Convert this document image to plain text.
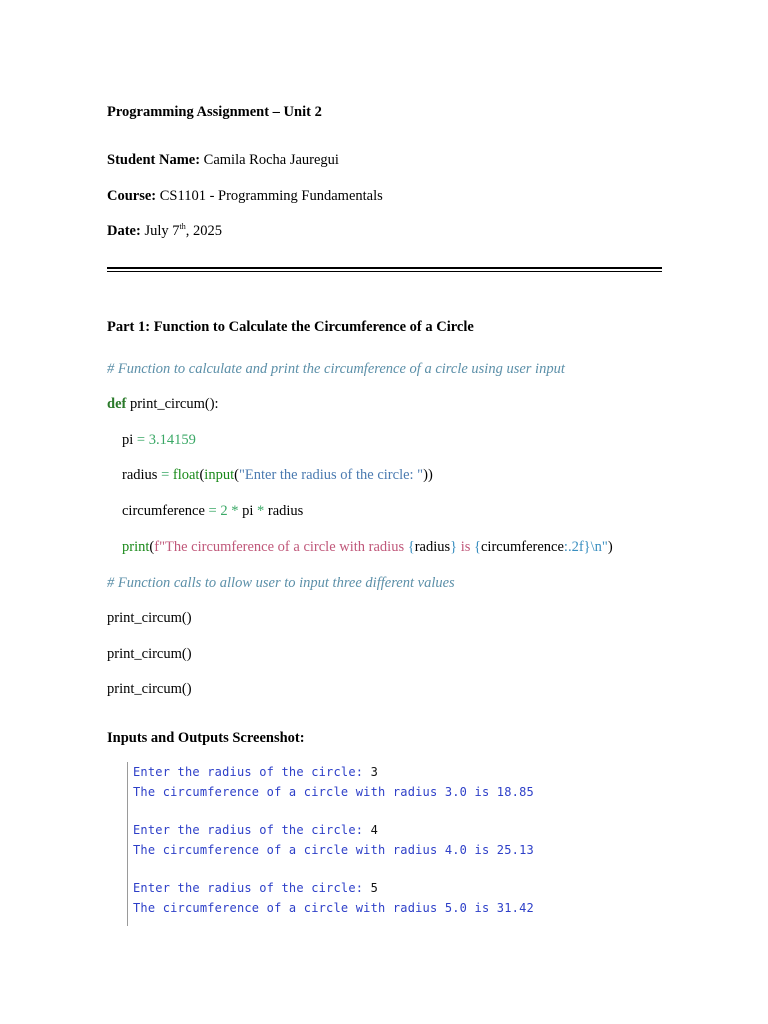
Programming Assignment – Unit 2
Student Name: Camila Rocha Jauregui
Course: CS1101 - Programming Fundamentals
Date: July 7th, 2025
Part 1: Function to Calculate the Circumference of a Circle
# Function to calculate and print the circumference of a circle using user input
def print_circum():
pi = 3.14159
radius = float(input("Enter the radius of the circle: "))
circumference = 2 * pi * radius
print(f"The circumference of a circle with radius {radius} is {circumference:.2f}\n")
# Function calls to allow user to input three different values
print_circum()
print_circum()
print_circum()
Inputs and Outputs Screenshot:
Enter the radius of the circle: 3
The circumference of a circle with radius 3.0 is 18.85
Enter the radius of the circle: 4
The circumference of a circle with radius 4.0 is 25.13
Enter the radius of the circle: 5
The circumference of a circle with radius 5.0 is 31.42
